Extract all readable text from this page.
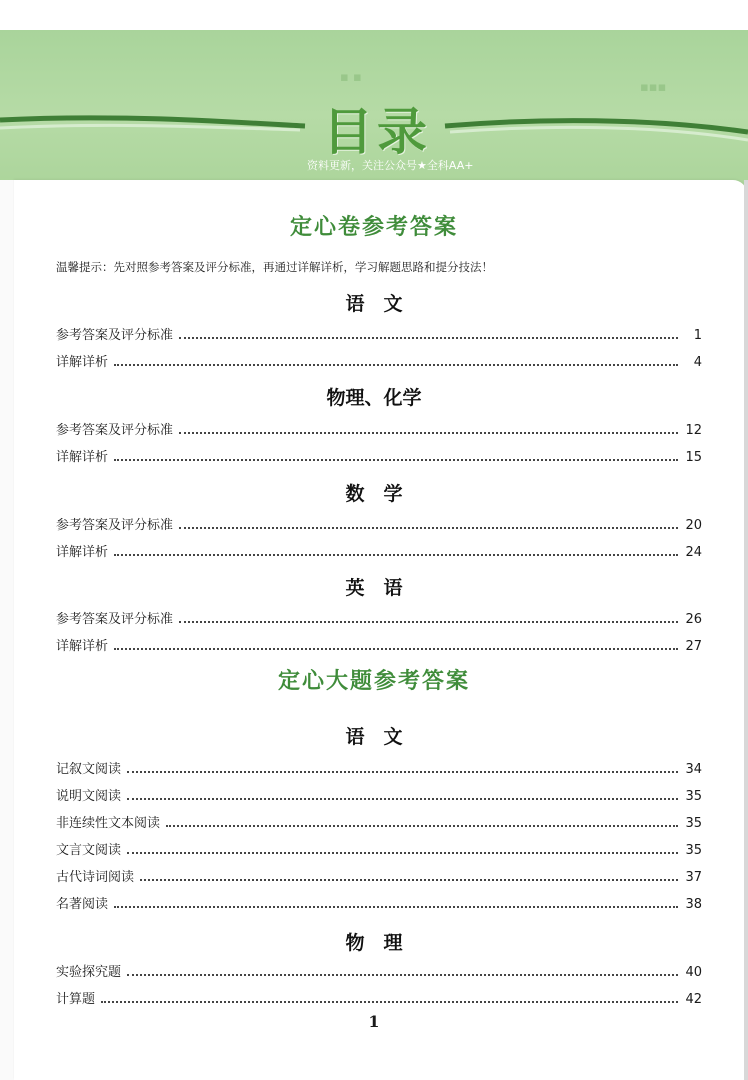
▪ ▪
▪▪▪
目录
资料更新，关注公众号★全科AA+
定心卷参考答案
温馨提示：先对照参考答案及评分标准，再通过详解详析，学习解题思路和提分技法！
语　文
参考答案及评分标准	1
详解详析	4
物理、化学
参考答案及评分标准	12
详解详析	15
数　学
参考答案及评分标准	20
详解详析	24
英　语
参考答案及评分标准	26
详解详析	27
定心大题参考答案
语　文
记叙文阅读	34
说明文阅读	35
非连续性文本阅读	35
文言文阅读	35
古代诗词阅读	37
名著阅读	38
物　理
实验探究题	40
计算题	42
1
